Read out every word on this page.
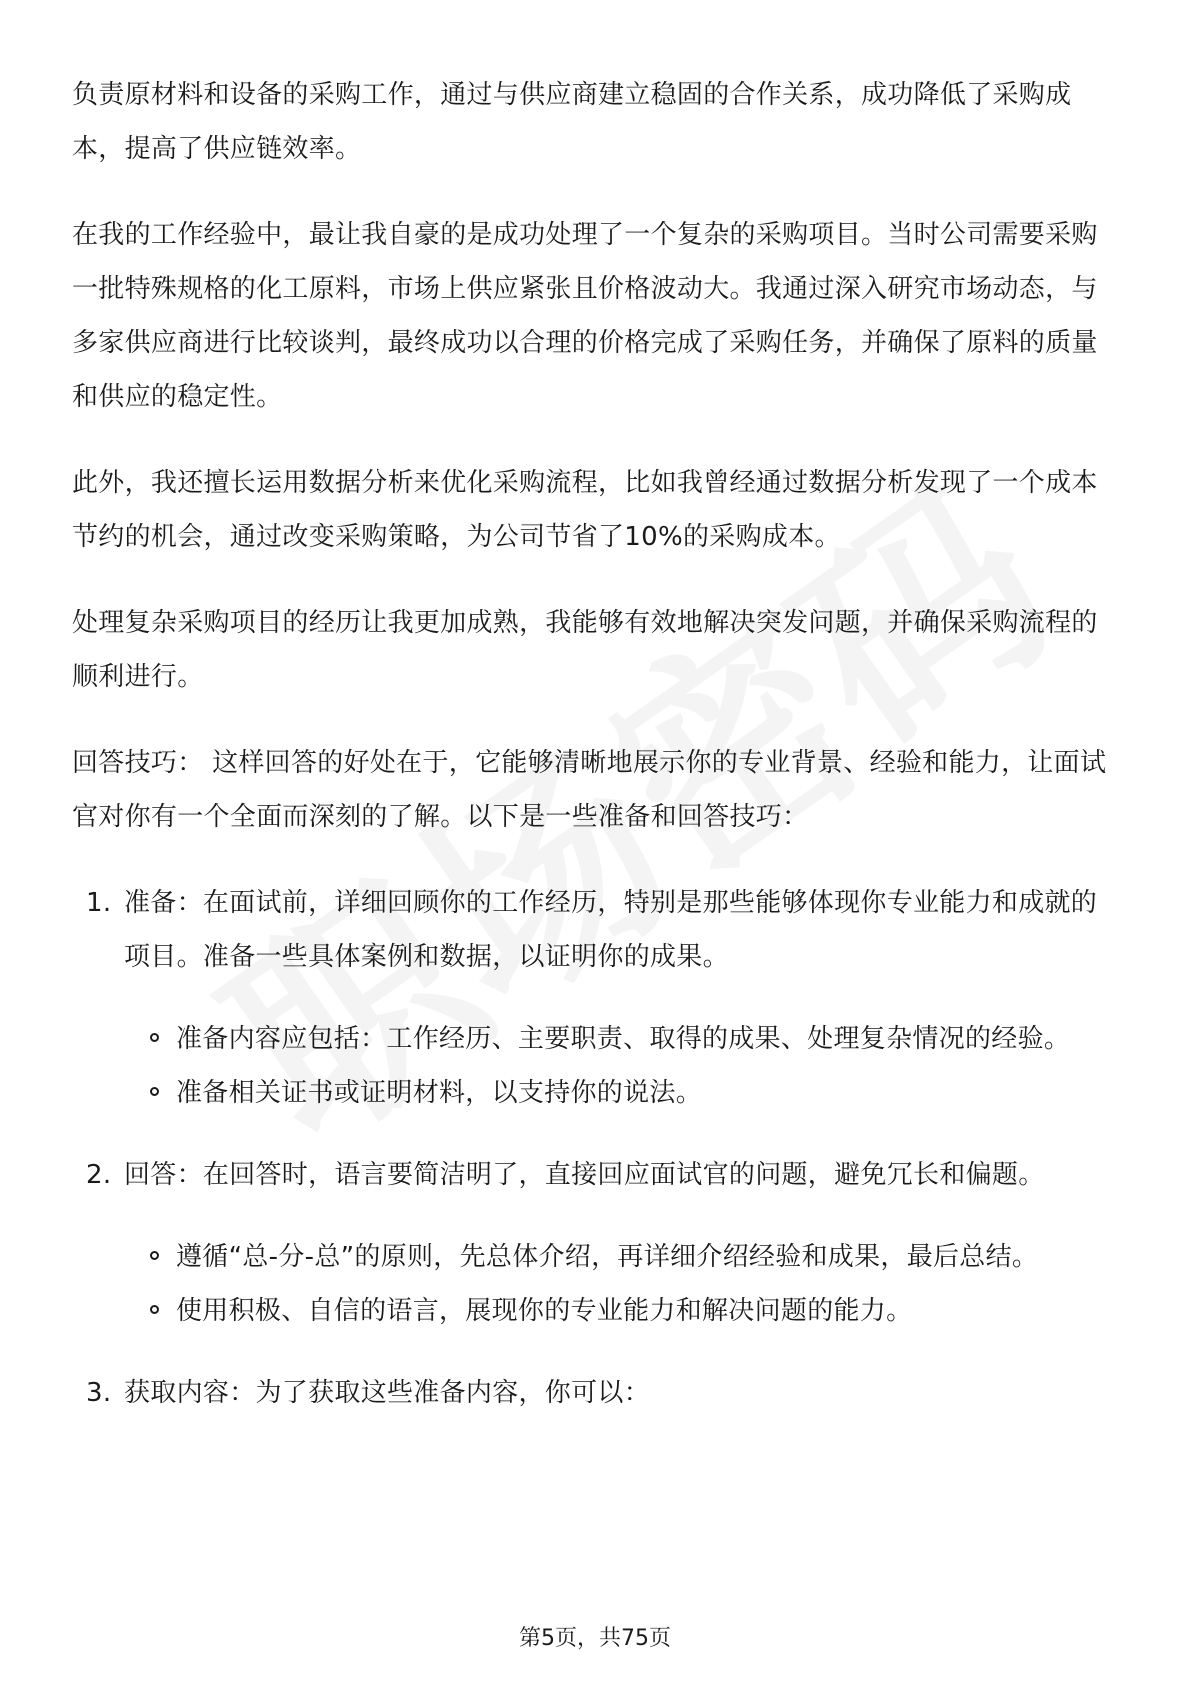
负责原材料和设备的采购工作，通过与供应商建立稳固的合作关系，成功降低了采购成本，提高了供应链效率。

在我的工作经验中，最让我自豪的是成功处理了一个复杂的采购项目。当时公司需要采购一批特殊规格的化工原料，市场上供应紧张且价格波动大。我通过深入研究市场动态，与多家供应商进行比较谈判，最终成功以合理的价格完成了采购任务，并确保了原料的质量和供应的稳定性。

此外，我还擅长运用数据分析来优化采购流程，比如我曾经通过数据分析发现了一个成本节约的机会，通过改变采购策略，为公司节省了10%的采购成本。

处理复杂采购项目的经历让我更加成熟，我能够有效地解决突发问题，并确保采购流程的顺利进行。

回答技巧： 这样回答的好处在于，它能够清晰地展示你的专业背景、经验和能力，让面试官对你有一个全面而深刻的了解。以下是一些准备和回答技巧：

1. 准备：在面试前，详细回顾你的工作经历，特别是那些能够体现你专业能力和成就的项目。准备一些具体案例和数据，以证明你的成果。

准备内容应包括：工作经历、主要职责、取得的成果、处理复杂情况的经验。
准备相关证书或证明材料，以支持你的说法。
2. 回答：在回答时，语言要简洁明了，直接回应面试官的问题，避免冗长和偏题。

遵循“总-分-总”的原则，先总体介绍，再详细介绍经验和成果，最后总结。
使用积极、自信的语言，展现你的专业能力和解决问题的能力。
3. 获取内容：为了获取这些准备内容，你可以：

第5页，共75页
